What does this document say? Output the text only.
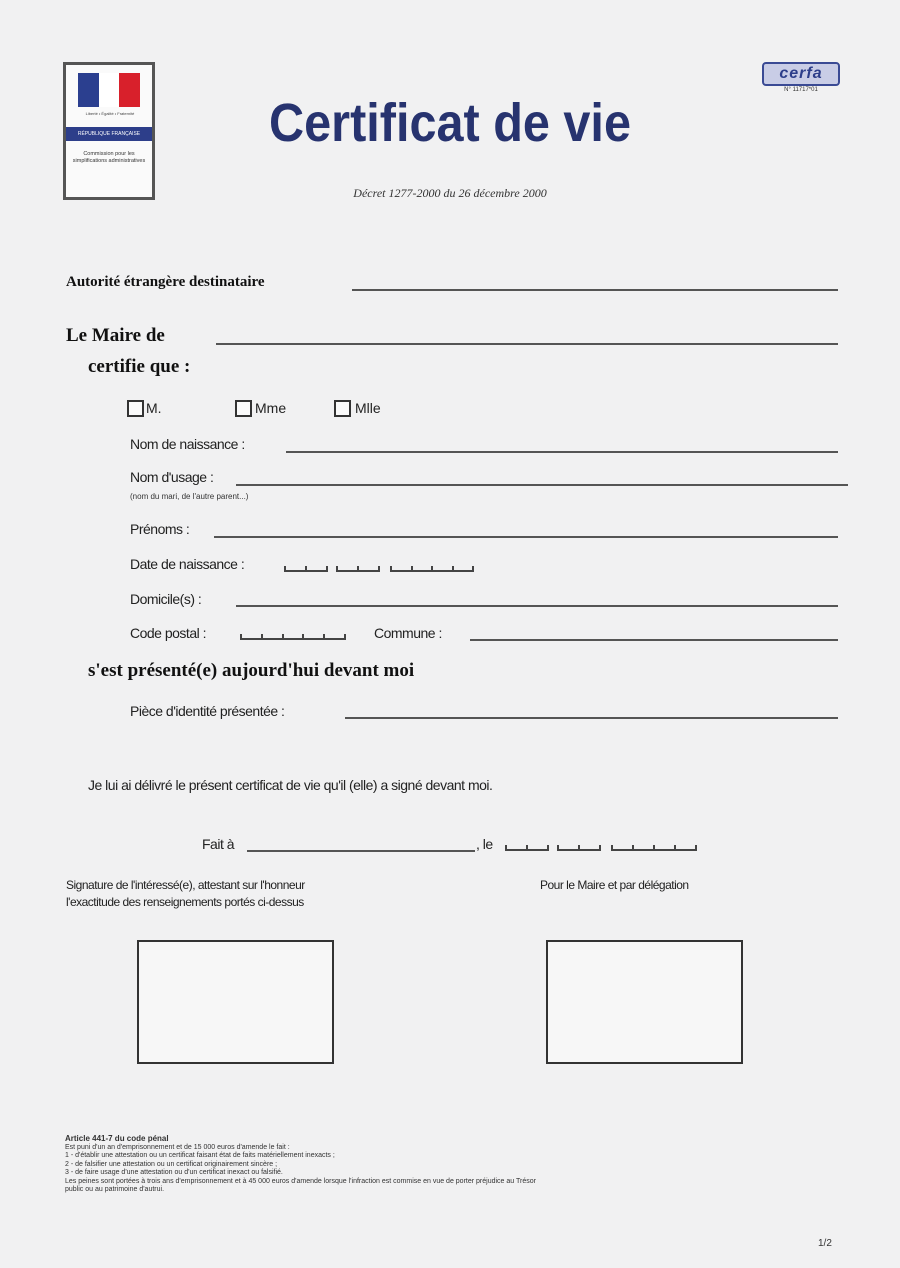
Liberté • Égalité • Fraternité
RÉPUBLIQUE FRANÇAISE
Commission pour les simplifications administratives
cerfa
N° 11717*01
Certificat de vie
Décret 1277-2000 du 26 décembre 2000
Autorité étrangère destinataire
Le Maire de
certifie que :
M.	Mme	Mlle
Nom de naissance :
Nom d'usage :
(nom du mari, de l'autre parent...)
Prénoms :
Date de naissance :
Domicile(s) :
Code postal :	Commune :
s'est présenté(e) aujourd'hui devant moi
Pièce d'identité présentée :
Je lui ai délivré le présent certificat de vie qu'il (elle) a signé devant moi.
Fait à	, le
Signature de l'intéressé(e), attestant sur l'honneur
l'exactitude des renseignements portés ci-dessus
Pour le Maire et par délégation
Article 441-7 du code pénal
Est puni d'un an d'emprisonnement et de 15 000 euros d'amende le fait :
1 - d'établir une attestation ou un certificat faisant état de faits matériellement inexacts ;
2 - de falsifier une attestation ou un certificat originairement sincère ;
3 - de faire usage d'une attestation ou d'un certificat inexact ou falsifié.
Les peines sont portées à trois ans d'emprisonnement et à 45 000 euros d'amende lorsque l'infraction est commise en vue de porter préjudice au Trésor
public ou au patrimoine d'autrui.
1/2
